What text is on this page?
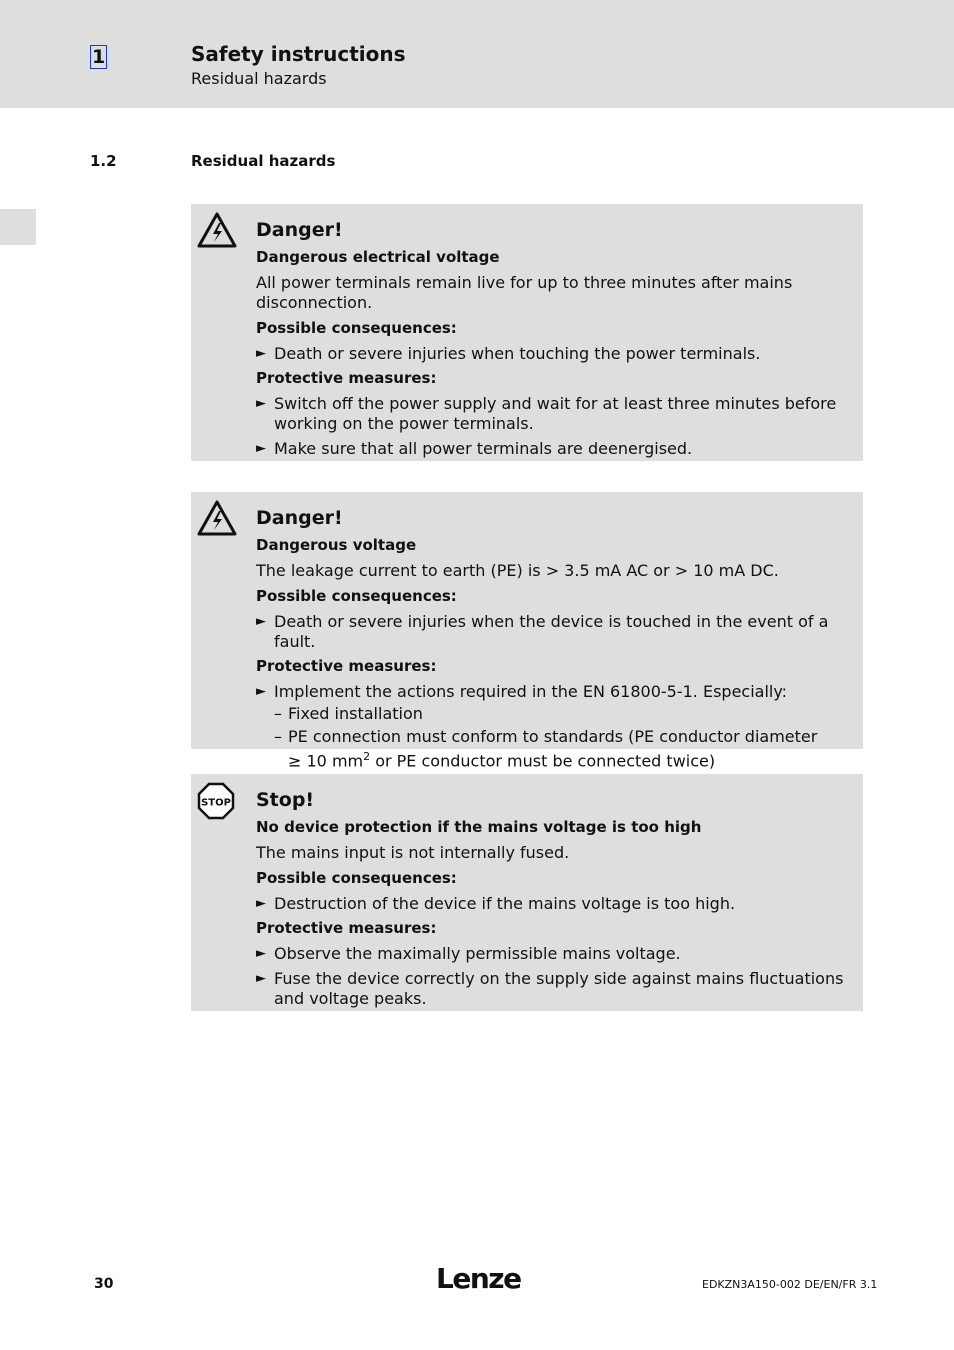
1	Safety instructions
Residual hazards
1.2	Residual hazards
Danger!
Dangerous electrical voltage
All power terminals remain live for up to three minutes after mains disconnection.
Possible consequences:
► Death or severe injuries when touching the power terminals.
Protective measures:
► Switch off the power supply and wait for at least three minutes before working on the power terminals.
► Make sure that all power terminals are deenergised.
Danger!
Dangerous voltage
The leakage current to earth (PE) is > 3.5 mA AC or > 10 mA DC.
Possible consequences:
► Death or severe injuries when the device is touched in the event of a fault.
Protective measures:
► Implement the actions required in the EN 61800-5-1. Especially:
– Fixed installation
– PE connection must conform to standards (PE conductor diameter
≥ 10 $mm^2$ or PE conductor must be connected twice)
STOP Stop!
No device protection if the mains voltage is too high
The mains input is not internally fused.
Possible consequences:
► Destruction of the device if the mains voltage is too high.
Protective measures:
► Observe the maximally permissible mains voltage.
► Fuse the device correctly on the supply side against mains fluctuations and voltage peaks.
30	Lenze	EDKZN3A150-002 DE/EN/FR 3.1
